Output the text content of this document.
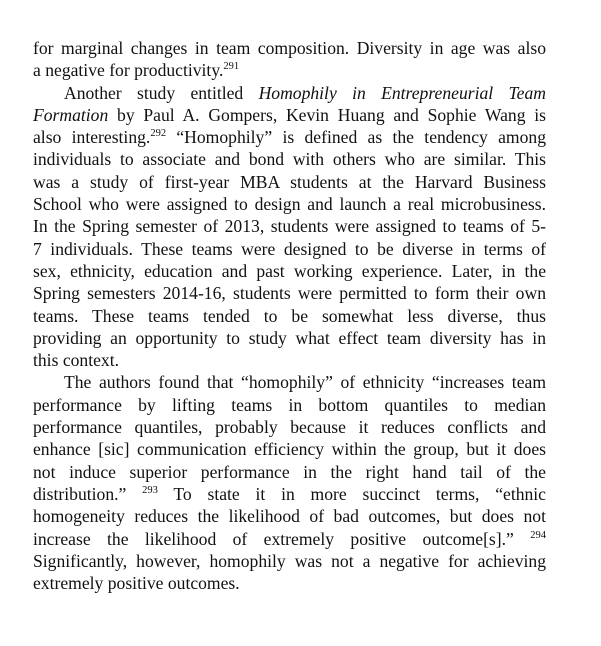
for marginal changes in team composition. Diversity in age was also
a negative for productivity.$^{291}$
Another study entitled Homophily in Entrepreneurial Team
Formation by Paul A. Gompers, Kevin Huang and Sophie Wang is
also interesting.$^{292}$ “Homophily” is defined as the tendency among
individuals to associate and bond with others who are similar. This
was a study of first-year MBA students at the Harvard Business
School who were assigned to design and launch a real microbusiness.
In the Spring semester of 2013, students were assigned to teams of 5-
7 individuals. These teams were designed to be diverse in terms of
sex, ethnicity, education and past working experience. Later, in the
Spring semesters 2014-16, students were permitted to form their own
teams. These teams tended to be somewhat less diverse, thus
providing an opportunity to study what effect team diversity has in
this context.
The authors found that “homophily” of ethnicity “increases team
performance by lifting teams in bottom quantiles to median
performance quantiles, probably because it reduces conflicts and
enhance [sic] communication efficiency within the group, but it does
not induce superior performance in the right hand tail of the
distribution.” $^{293}$ To state it in more succinct terms, “ethnic
homogeneity reduces the likelihood of bad outcomes, but does not
increase the likelihood of extremely positive outcome[s].” $^{294}$
Significantly, however, homophily was not a negative for achieving
extremely positive outcomes.
